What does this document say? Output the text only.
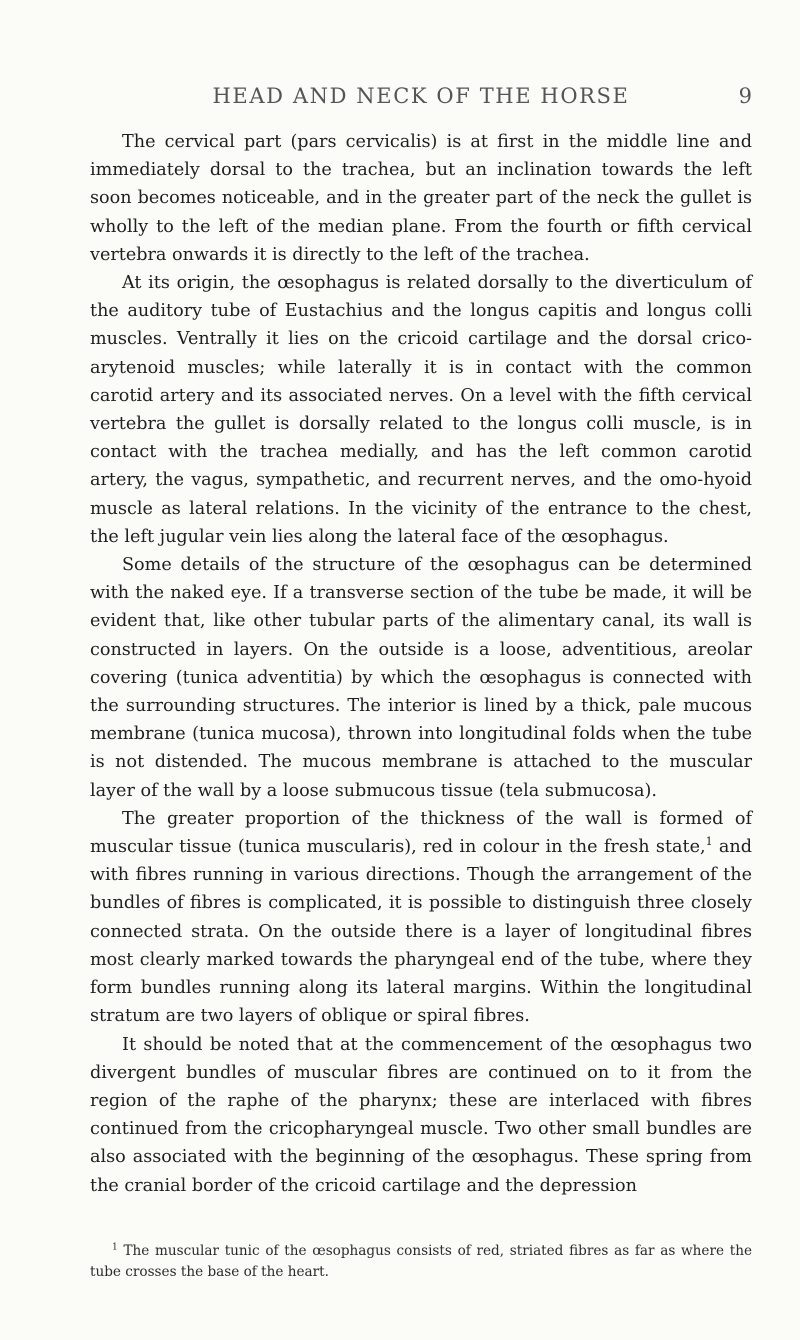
HEAD AND NECK OF THE HORSE	9

The cervical part (pars cervicalis) is at first in the middle line and immediately dorsal to the trachea, but an inclination towards the left soon becomes noticeable, and in the greater part of the neck the gullet is wholly to the left of the median plane. From the fourth or fifth cervical vertebra onwards it is directly to the left of the trachea.

At its origin, the œsophagus is related dorsally to the diverticulum of the auditory tube of Eustachius and the longus capitis and longus colli muscles. Ventrally it lies on the cricoid cartilage and the dorsal crico-arytenoid muscles; while laterally it is in contact with the common carotid artery and its associated nerves. On a level with the fifth cervical vertebra the gullet is dorsally related to the longus colli muscle, is in contact with the trachea medially, and has the left common carotid artery, the vagus, sympathetic, and recurrent nerves, and the omo-hyoid muscle as lateral relations. In the vicinity of the entrance to the chest, the left jugular vein lies along the lateral face of the œsophagus.

Some details of the structure of the œsophagus can be determined with the naked eye. If a transverse section of the tube be made, it will be evident that, like other tubular parts of the alimentary canal, its wall is constructed in layers. On the outside is a loose, adventitious, areolar covering (tunica adventitia) by which the œsophagus is connected with the surrounding structures. The interior is lined by a thick, pale mucous membrane (tunica mucosa), thrown into longitudinal folds when the tube is not distended. The mucous membrane is attached to the muscular layer of the wall by a loose submucous tissue (tela submucosa).

The greater proportion of the thickness of the wall is formed of muscular tissue (tunica muscularis), red in colour in the fresh state,$^1$ and with fibres running in various directions. Though the arrangement of the bundles of fibres is complicated, it is possible to distinguish three closely connected strata. On the outside there is a layer of longitudinal fibres most clearly marked towards the pharyngeal end of the tube, where they form bundles running along its lateral margins. Within the longitudinal stratum are two layers of oblique or spiral fibres.

It should be noted that at the commencement of the œsophagus two divergent bundles of muscular fibres are continued on to it from the region of the raphe of the pharynx; these are interlaced with fibres continued from the cricopharyngeal muscle. Two other small bundles are also associated with the beginning of the œsophagus. These spring from the cranial border of the cricoid cartilage and the depression

$^1$ The muscular tunic of the œsophagus consists of red, striated fibres as far as where the tube crosses the base of the heart.
